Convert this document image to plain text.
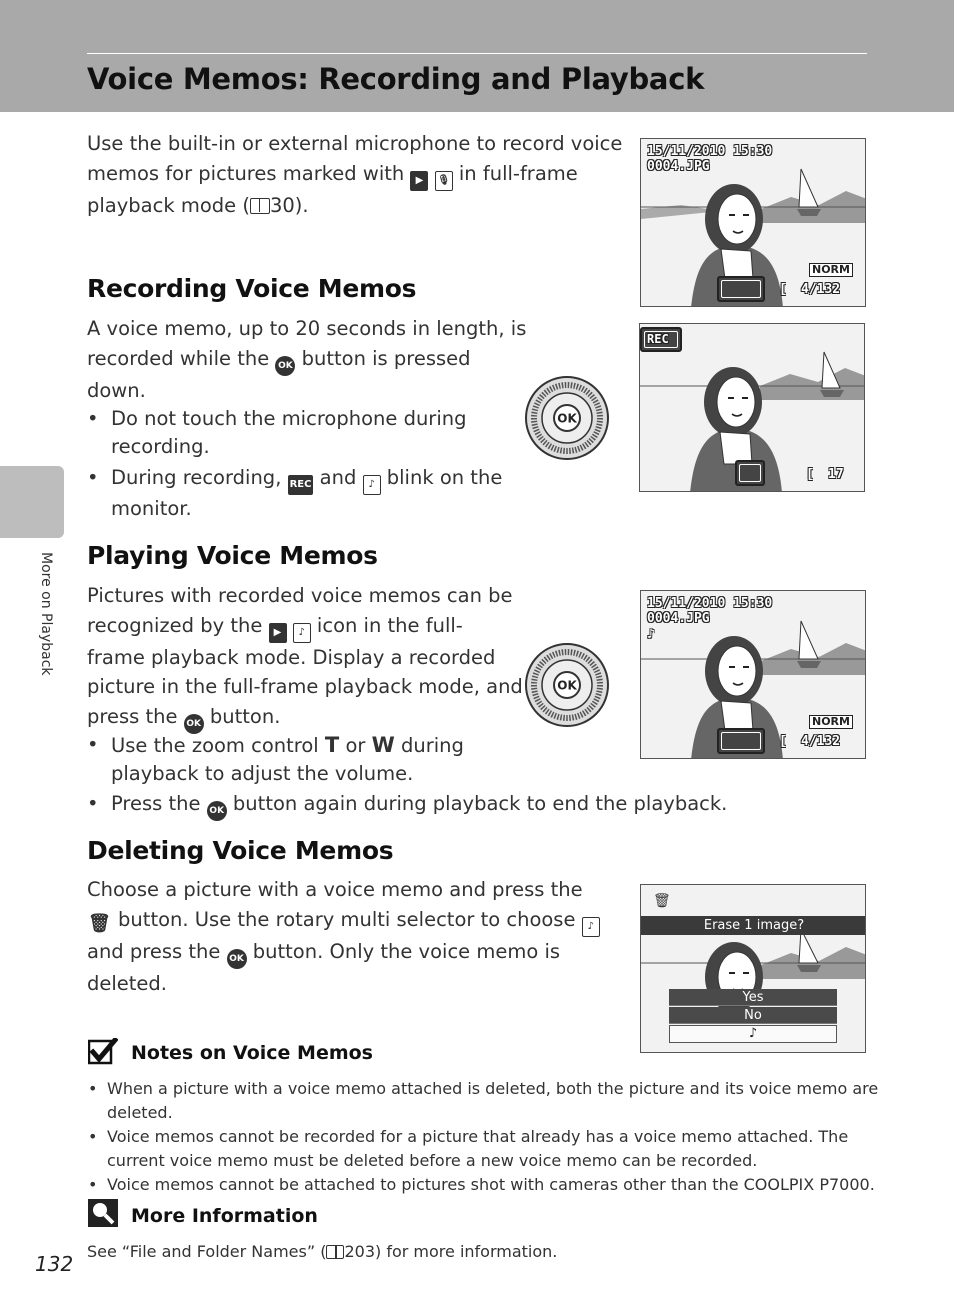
Voice Memos: Recording and Playback
More on Playback
Use the built-in or external microphone to record voice
memos for pictures marked with ▶ 🎙 in full-frame
playback mode ( 30).
15/11/2010 15:30
0004.JPG
NORM
[ 4/132
Recording Voice Memos
A voice memo, up to 20 seconds in length, is
recorded while the OK button is pressed
down.
• Do not touch the microphone during
recording.
• During recording, REC and ♪ blink on the
monitor.
OK
REC
[ 17
Playing Voice Memos
Pictures with recorded voice memos can be
recognized by the ▶ ♪ icon in the full-
frame playback mode. Display a recorded
picture in the full-frame playback mode, and
press the OK button.
• Use the zoom control T or W during
playback to adjust the volume.
• Press the OK button again during playback to end the playback.
OK
15/11/2010 15:30
0004.JPG
♪
NORM
[ 4/132
Deleting Voice Memos
Choose a picture with a voice memo and press the
🗑 button. Use the rotary multi selector to choose ♪
and press the OK button. Only the voice memo is
deleted.
🗑
Erase 1 image?
Yes
No
♪
Notes on Voice Memos
• When a picture with a voice memo attached is deleted, both the picture and its voice memo are
deleted.
• Voice memos cannot be recorded for a picture that already has a voice memo attached. The
current voice memo must be deleted before a new voice memo can be recorded.
• Voice memos cannot be attached to pictures shot with cameras other than the COOLPIX P7000.
More Information
See “File and Folder Names” ( 203) for more information.
132
